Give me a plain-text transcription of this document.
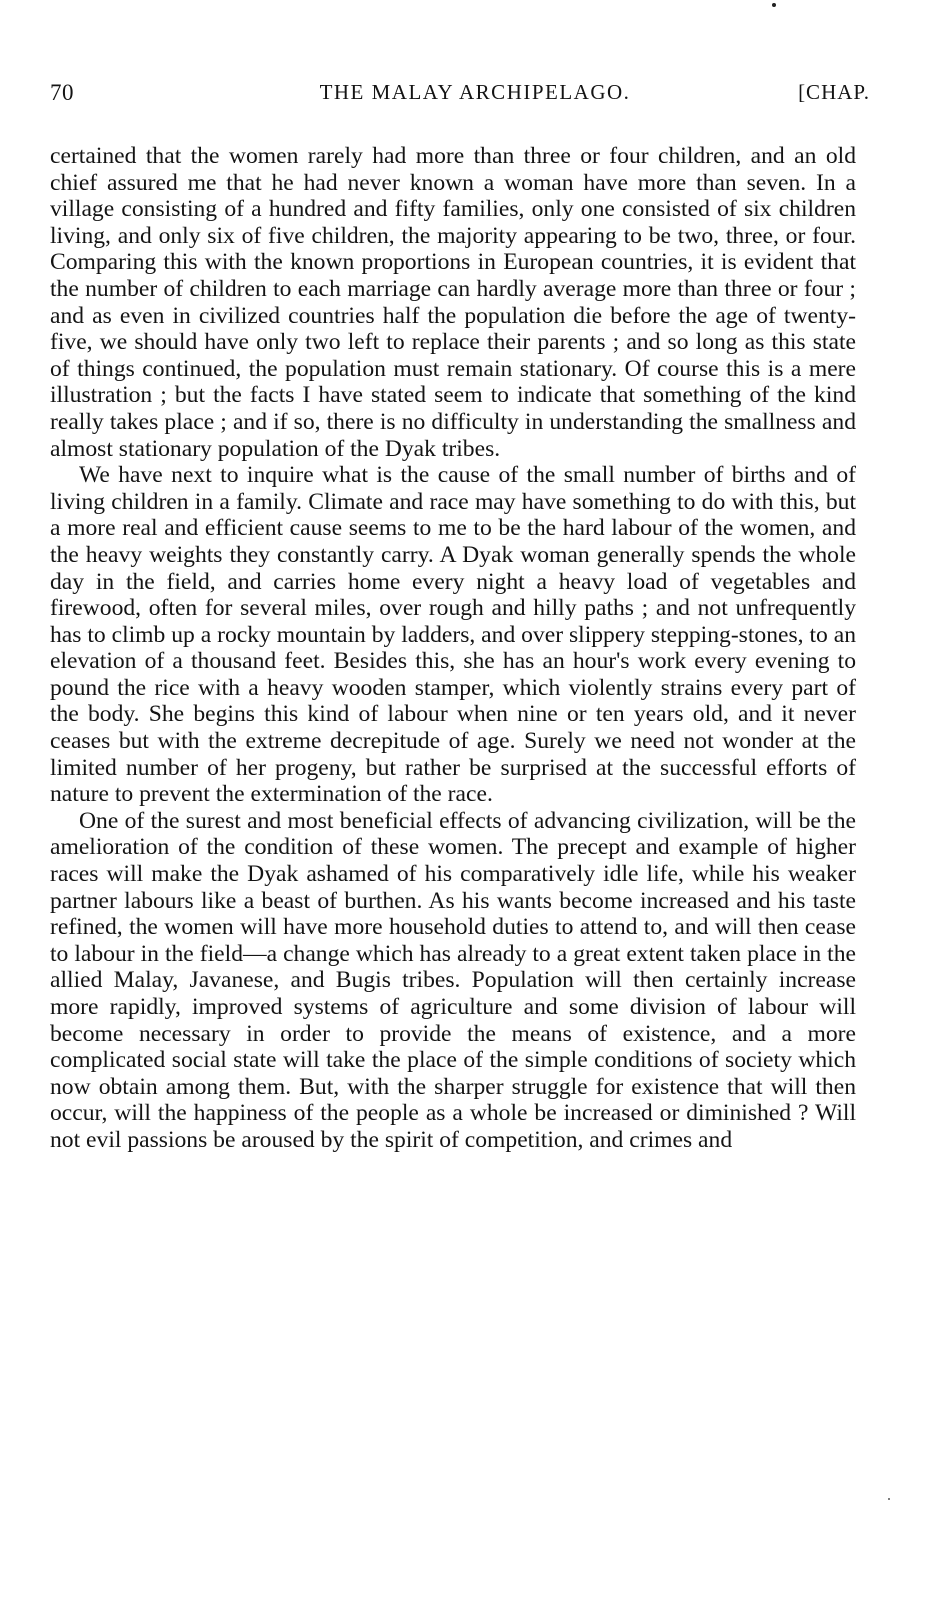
70	THE MALAY ARCHIPELAGO.	[CHAP.

certained that the women rarely had more than three or four children, and an old chief assured me that he had never known a woman have more than seven. In a village consisting of a hundred and fifty families, only one consisted of six children living, and only six of five children, the majority appearing to be two, three, or four. Comparing this with the known proportions in European countries, it is evident that the number of children to each marriage can hardly average more than three or four ; and as even in civilized countries half the population die before the age of twenty-five, we should have only two left to replace their parents ; and so long as this state of things continued, the population must remain stationary. Of course this is a mere illustration ; but the facts I have stated seem to indicate that something of the kind really takes place ; and if so, there is no difficulty in understanding the smallness and almost stationary population of the Dyak tribes.

We have next to inquire what is the cause of the small number of births and of living children in a family. Climate and race may have something to do with this, but a more real and efficient cause seems to me to be the hard labour of the women, and the heavy weights they constantly carry. A Dyak woman generally spends the whole day in the field, and carries home every night a heavy load of vegetables and firewood, often for several miles, over rough and hilly paths ; and not unfrequently has to climb up a rocky mountain by ladders, and over slippery stepping-stones, to an elevation of a thousand feet. Besides this, she has an hour's work every evening to pound the rice with a heavy wooden stamper, which violently strains every part of the body. She begins this kind of labour when nine or ten years old, and it never ceases but with the extreme decrepitude of age. Surely we need not wonder at the limited number of her progeny, but rather be surprised at the successful efforts of nature to prevent the extermination of the race.

One of the surest and most beneficial effects of advancing civilization, will be the amelioration of the condition of these women. The precept and example of higher races will make the Dyak ashamed of his comparatively idle life, while his weaker partner labours like a beast of burthen. As his wants become increased and his taste refined, the women will have more household duties to attend to, and will then cease to labour in the field—a change which has already to a great extent taken place in the allied Malay, Javanese, and Bugis tribes. Population will then certainly increase more rapidly, improved systems of agriculture and some division of labour will become necessary in order to provide the means of existence, and a more complicated social state will take the place of the simple conditions of society which now obtain among them. But, with the sharper struggle for existence that will then occur, will the happiness of the people as a whole be increased or diminished ? Will not evil passions be aroused by the spirit of competition, and crimes and
